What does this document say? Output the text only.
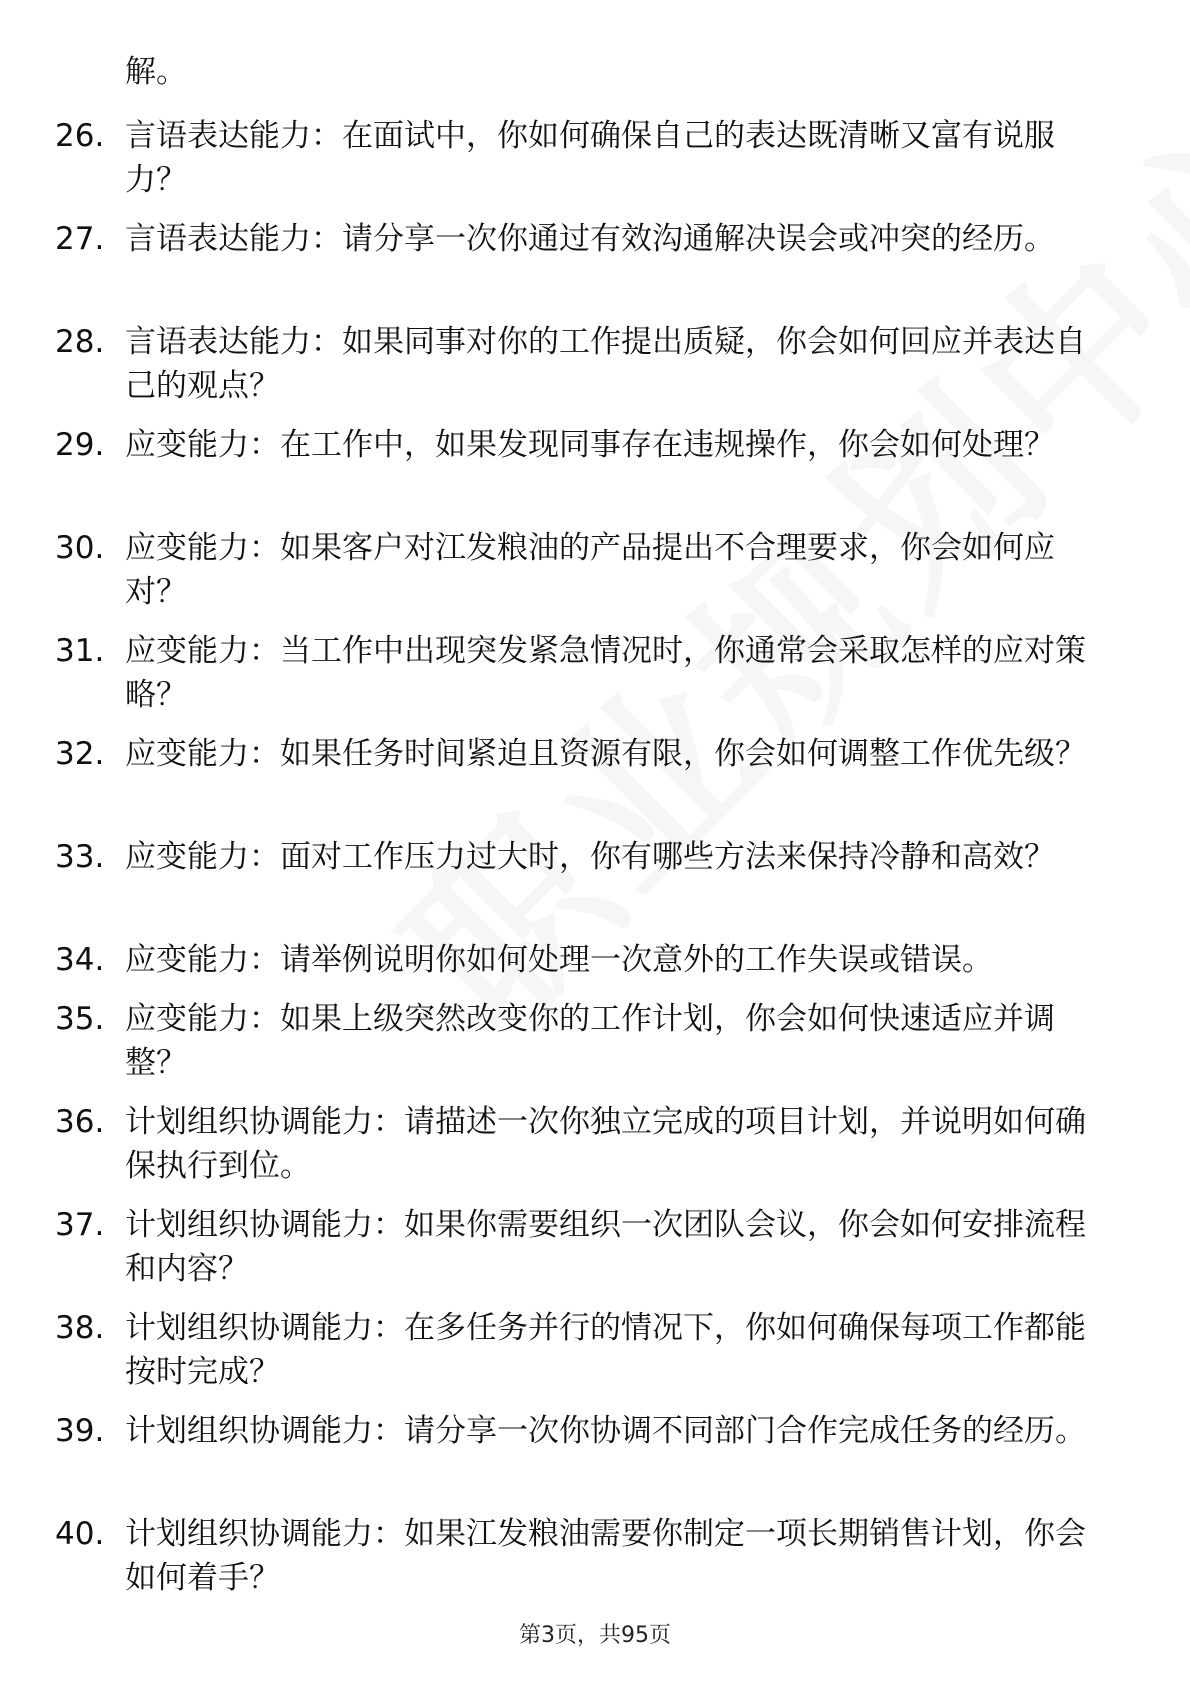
解。

26. 言语表达能力：在面试中，你如何确保自己的表达既清晰又富有说服力？
27. 言语表达能力：请分享一次你通过有效沟通解决误会或冲突的经历。
28. 言语表达能力：如果同事对你的工作提出质疑，你会如何回应并表达自己的观点？
29. 应变能力：在工作中，如果发现同事存在违规操作，你会如何处理？
30. 应变能力：如果客户对江发粮油的产品提出不合理要求，你会如何应对？
31. 应变能力：当工作中出现突发紧急情况时，你通常会采取怎样的应对策略？
32. 应变能力：如果任务时间紧迫且资源有限，你会如何调整工作优先级？
33. 应变能力：面对工作压力过大时，你有哪些方法来保持冷静和高效？
34. 应变能力：请举例说明你如何处理一次意外的工作失误或错误。
35. 应变能力：如果上级突然改变你的工作计划，你会如何快速适应并调整？
36. 计划组织协调能力：请描述一次你独立完成的项目计划，并说明如何确保执行到位。
37. 计划组织协调能力：如果你需要组织一次团队会议，你会如何安排流程和内容？
38. 计划组织协调能力：在多任务并行的情况下，你如何确保每项工作都能按时完成？
39. 计划组织协调能力：请分享一次你协调不同部门合作完成任务的经历。
40. 计划组织协调能力：如果江发粮油需要你制定一项长期销售计划，你会如何着手？
第3页，共95页
